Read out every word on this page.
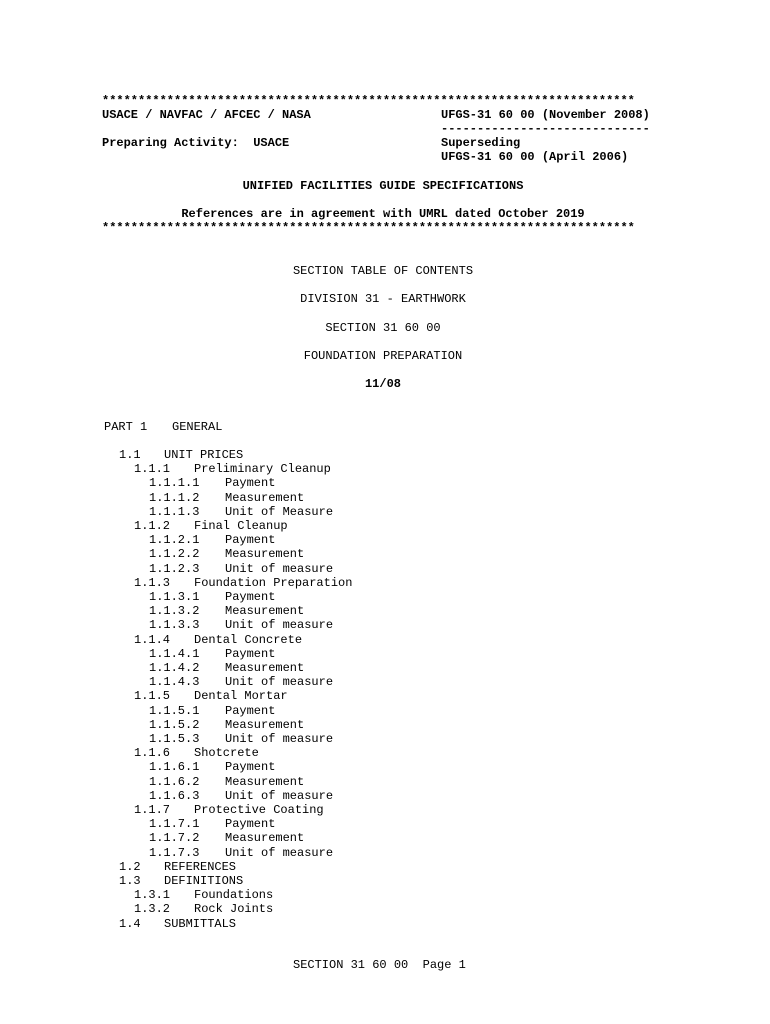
**************************************************************************
USACE / NAVFAC / AFCEC / NASA	UFGS-31 60 00 (November 2008)
-----------------------------
Preparing Activity:  USACE	Superseding
UFGS-31 60 00 (April 2006)
UNIFIED FACILITIES GUIDE SPECIFICATIONS
References are in agreement with UMRL dated October 2019
**************************************************************************
SECTION TABLE OF CONTENTS
DIVISION 31 - EARTHWORK
SECTION 31 60 00
FOUNDATION PREPARATION
11/08
PART 1 GENERAL
1.1 UNIT PRICES
1.1.1 Preliminary Cleanup
1.1.1.1 Payment
1.1.1.2 Measurement
1.1.1.3 Unit of Measure
1.1.2 Final Cleanup
1.1.2.1 Payment
1.1.2.2 Measurement
1.1.2.3 Unit of measure
1.1.3 Foundation Preparation
1.1.3.1 Payment
1.1.3.2 Measurement
1.1.3.3 Unit of measure
1.1.4 Dental Concrete
1.1.4.1 Payment
1.1.4.2 Measurement
1.1.4.3 Unit of measure
1.1.5 Dental Mortar
1.1.5.1 Payment
1.1.5.2 Measurement
1.1.5.3 Unit of measure
1.1.6 Shotcrete
1.1.6.1 Payment
1.1.6.2 Measurement
1.1.6.3 Unit of measure
1.1.7 Protective Coating
1.1.7.1 Payment
1.1.7.2 Measurement
1.1.7.3 Unit of measure
1.2 REFERENCES
1.3 DEFINITIONS
1.3.1 Foundations
1.3.2 Rock Joints
1.4 SUBMITTALS
SECTION 31 60 00 Page 1
